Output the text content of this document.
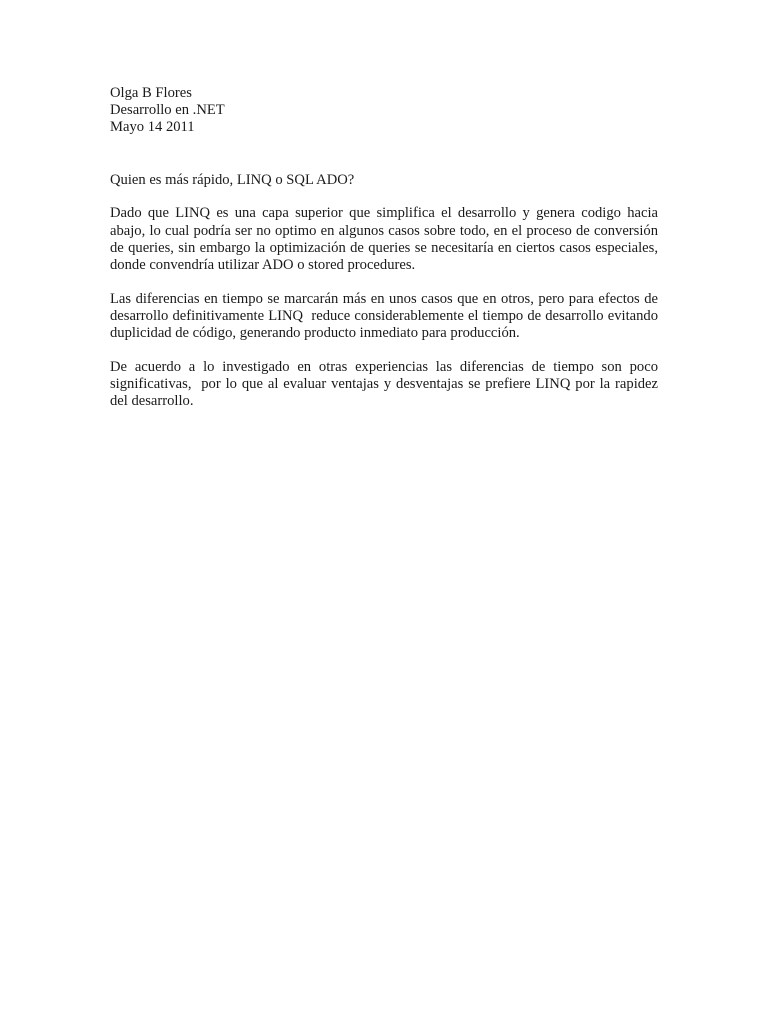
Olga B Flores
Desarrollo en .NET
Mayo 14 2011

Quien es más rápido, LINQ o SQL ADO?

Dado que LINQ es una capa superior que simplifica el desarrollo y genera codigo hacia abajo, lo cual podría ser no optimo en algunos casos sobre todo, en el proceso de conversión de queries, sin embargo la optimización de queries se necesitaría en ciertos casos especiales, donde convendría utilizar ADO o stored procedures.

Las diferencias en tiempo se marcarán más en unos casos que en otros, pero para efectos de desarrollo definitivamente LINQ  reduce considerablemente el tiempo de desarrollo evitando duplicidad de código, generando producto inmediato para producción.

De acuerdo a lo investigado en otras experiencias las diferencias de tiempo son poco significativas,  por lo que al evaluar ventajas y desventajas se prefiere LINQ por la rapidez del desarrollo.
